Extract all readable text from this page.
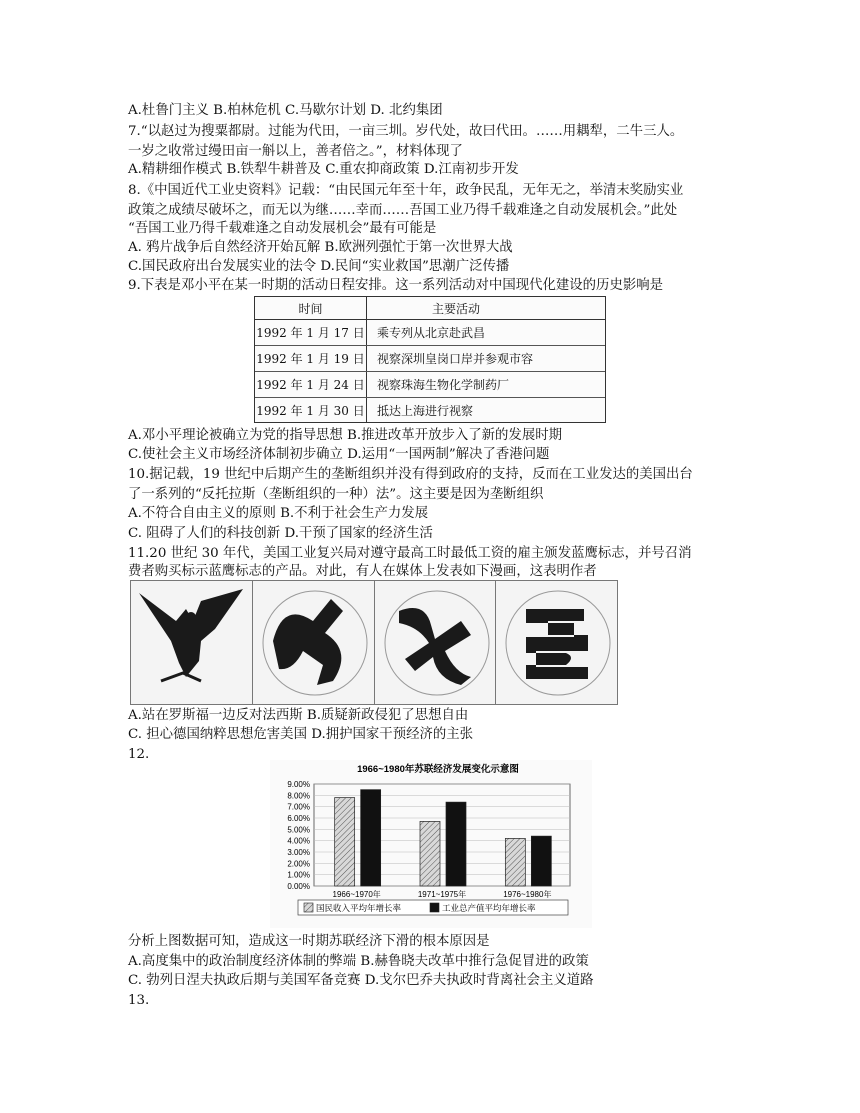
A.杜鲁门主义 B.柏林危机 C.马歇尔计划 D. 北约集团
7.“以赵过为搜粟都尉。过能为代田，一亩三圳。岁代处，故曰代田。……用耦犁，二牛三人。
一岁之收常过缦田亩一斛以上，善者倍之。”，材料体现了
A.精耕细作模式 B.铁犁牛耕普及 C.重农抑商政策 D.江南初步开发
8.《中国近代工业史资料》记载：“由民国元年至十年，政争民乱，无年无之，举清末奖励实业
政策之成绩尽破坏之，而无以为继……幸而……吾国工业乃得千载难逢之自动发展机会。”此处
“吾国工业乃得千载难逢之自动发展机会”最有可能是
A. 鸦片战争后自然经济开始瓦解 B.欧洲列强忙于第一次世界大战
C.国民政府出台发展实业的法令 D.民间“实业救国”思潮广泛传播
9.下表是邓小平在某一时期的活动日程安排。这一系列活动对中国现代化建设的历史影响是
时间	主要活动
1992 年 1 月 17 日	乘专列从北京赴武昌
1992 年 1 月 19 日	视察深圳皇岗口岸并参观市容
1992 年 1 月 24 日	视察珠海生物化学制药厂
1992 年 1 月 30 日	抵达上海进行视察
A.邓小平理论被确立为党的指导思想 B.推进改革开放步入了新的发展时期
C.使社会主义市场经济体制初步确立 D.运用“一国两制”解决了香港问题
10.据记载，19 世纪中后期产生的垄断组织并没有得到政府的支持，反而在工业发达的美国出台
了一系列的“反托拉斯（垄断组织的一种）法”。这主要是因为垄断组织
A.不符合自由主义的原则 B.不利于社会生产力发展
C. 阻碍了人们的科技创新 D.干预了国家的经济生活
11.20 世纪 30 年代，美国工业复兴局对遵守最高工时最低工资的雇主颁发蓝鹰标志，并号召消
费者购买标示蓝鹰标志的产品。对此，有人在媒体上发表如下漫画，这表明作者
A.站在罗斯福一边反对法西斯 B.质疑新政侵犯了思想自由
C. 担心德国纳粹思想危害美国 D.拥护国家干预经济的主张
12.
1966~1980年苏联经济发展变化示意图
9.00%
8.00%
7.00%
6.00%
5.00%
4.00%
3.00%
2.00%
1.00%
0.00%
1966~1970年	1971~1975年	1976~1980年
国民收入平均年增长率	工业总产值平均年增长率
分析上图数据可知，造成这一时期苏联经济下滑的根本原因是
A.高度集中的政治制度经济体制的弊端 B.赫鲁晓夫改革中推行急促冒进的政策
C. 勃列日涅夫执政后期与美国军备竞赛 D.戈尔巴乔夫执政时背离社会主义道路
13.
